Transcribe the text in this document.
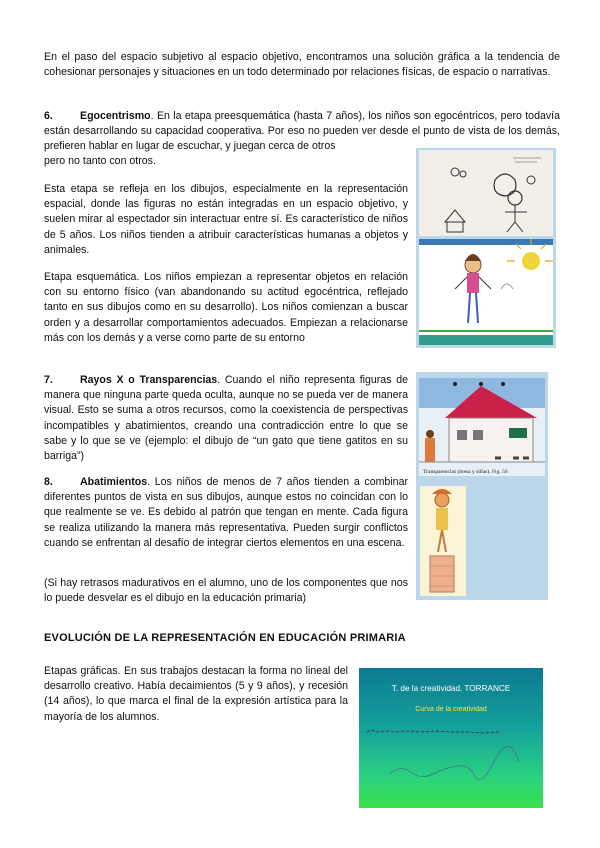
En el paso del espacio subjetivo al espacio objetivo, encontramos una solución gráfica a la tendencia de cohesionar personajes y situaciones en un todo determinado por relaciones físicas, de espacio o narrativas.

6.	Egocentrismo. En la etapa preesquemática (hasta 7 años), los niños son egocéntricos, pero todavía están desarrollando su capacidad cooperativa. Por eso no pueden ver desde el punto de vista de los demás, prefieren hablar en lugar de escuchar, y juegan cerca de otros

pero no tanto con otros.

Esta etapa se refleja en los dibujos, especialmente en la representación espacial, donde las figuras no están integradas en un espacio objetivo, y suelen mirar al espectador sin interactuar entre sí. Es característico de niños de 5 años. Los niños tienden a atribuir características humanas a objetos y animales.

Etapa esquemática. Los niños empiezan a representar objetos en relación con su entorno físico (van abandonando su actitud egocéntrica, reflejado tanto en sus dibujos como en su desarrollo). Los niños comienzan a buscar orden y a desarrollar comportamientos adecuados. Empiezan a relacionarse más con los demás y a verse como parte de su entorno

7.	Rayos X o Transparencias. Cuando el niño representa figuras de manera que ninguna parte queda oculta, aunque no se pueda ver de manera visual. Esto se suma a otros recursos, como la coexistencia de perspectivas incompatibles y abatimientos, creando una contradicción entre lo que se sabe y lo que se ve (ejemplo: el dibujo de “un gato que tiene gatitos en su barriga”)

8.	Abatimientos. Los niños de menos de 7 años tienden a combinar diferentes puntos de vista en sus dibujos, aunque estos no coincidan con lo que realmente se ve. Es debido al patrón que tengan en mente. Cada figura se realiza utilizando la manera más representativa. Pueden surgir conflictos cuando se enfrentan al desafío de integrar ciertos elementos en una escena.

(Si hay retrasos madurativos en el alumno, uno de los componentes que nos lo puede desvelar es el dibujo en la educación primaria)

EVOLUCIÓN DE LA REPRESENTACIÓN EN EDUCACIÓN PRIMARIA

Etapas gráficas. En sus trabajos destacan la forma no lineal del desarrollo creativo. Había decaimientos (5 y 9 años), y recesión (14 años), lo que marca el final de la expresión artística para la mayoría de los alumnos.

Transparencias (mesa y sillas). Fig. 56
T. de la creatividad. TORRANCE
Curva de la creatividad
